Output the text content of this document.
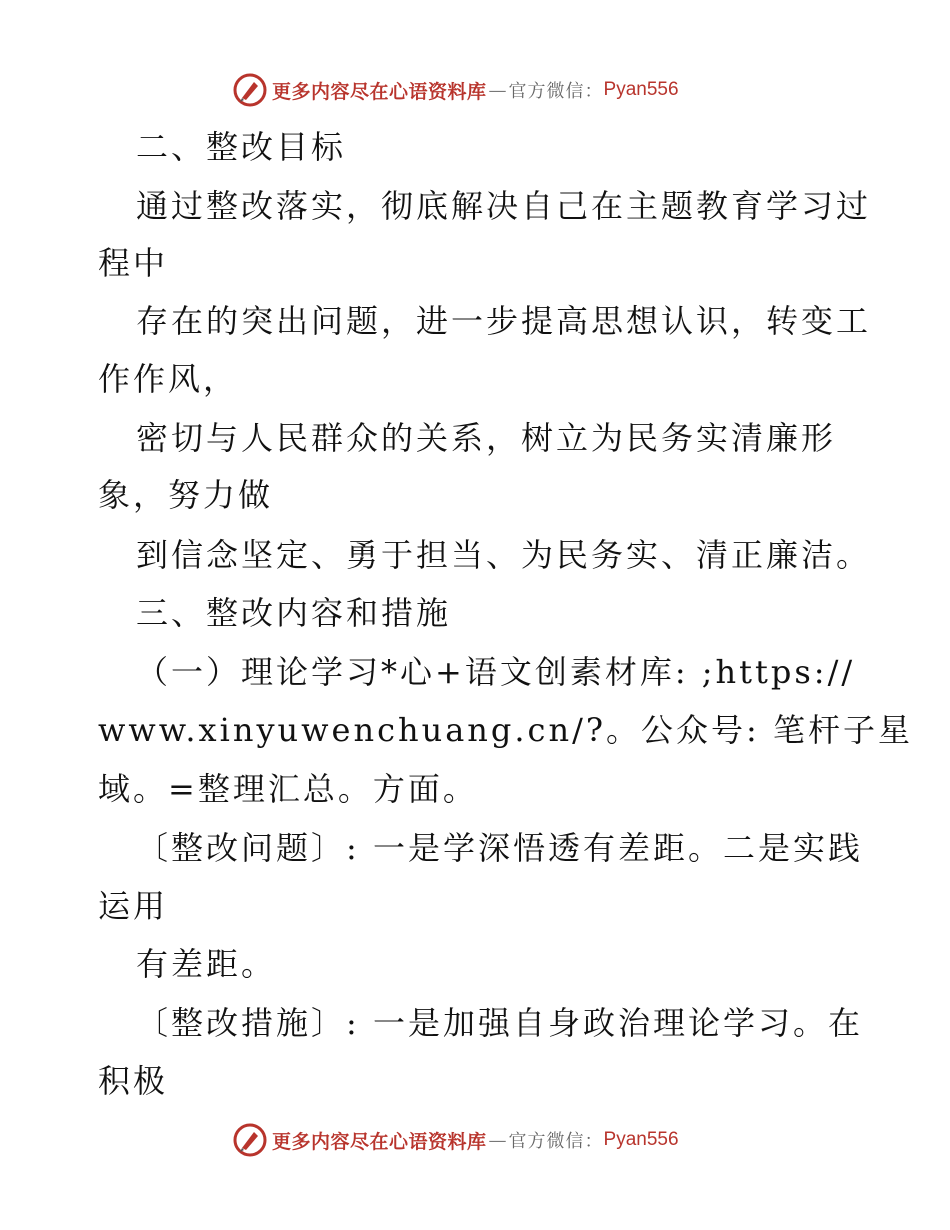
更多内容尽在心语资料库 — 官方微信： Pyan556
二、整改目标
通过整改落实，彻底解决自己在主题教育学习过
程中
存在的突出问题，进一步提高思想认识，转变工
作作风，
密切与人民群众的关系，树立为民务实清廉形
象，努力做
到信念坚定、勇于担当、为民务实、清正廉洁。
三、整改内容和措施
（一）理论学习*心+语文创素材库: ;https://
www.xinyuwenchuang.cn/?。公众号: 笔杆子星
域。=整理汇总。方面。
〔整改问题〕: 一是学深悟透有差距。二是实践
运用
有差距。
〔整改措施〕: 一是加强自身政治理论学习。在
积极
更多内容尽在心语资料库 — 官方微信： Pyan556
